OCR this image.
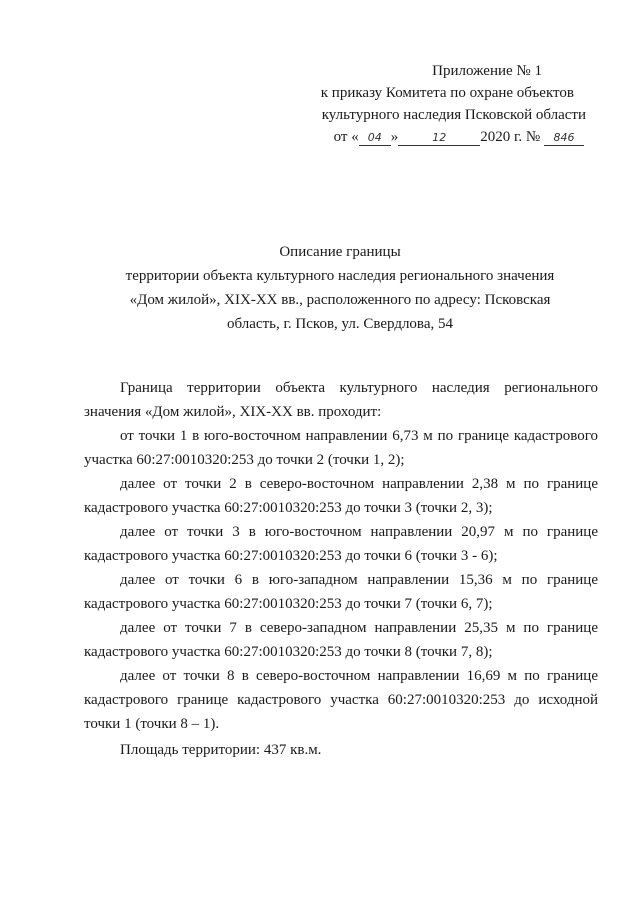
Приложение № 1
к приказу Комитета по охране объектов
культурного наследия Псковской области
от « 04 »	12 2020 г. № 846
Описание границы
территории объекта культурного наследия регионального значения
«Дом жилой», XIX-XX вв., расположенного по адресу: Псковская
область, г. Псков, ул. Свердлова, 54

Граница территории объекта культурного наследия регионального значения «Дом жилой», XIX-XX вв. проходит:

от точки 1 в юго-восточном направлении 6,73 м по границе кадастрового участка 60:27:0010320:253 до точки 2 (точки 1, 2);

далее от точки 2 в северо-восточном направлении 2,38 м по границе кадастрового участка 60:27:0010320:253 до точки 3 (точки 2, 3);

далее от точки 3 в юго-восточном направлении 20,97 м по границе кадастрового участка 60:27:0010320:253 до точки 6 (точки 3 - 6);

далее от точки 6 в юго-западном направлении 15,36 м по границе кадастрового участка 60:27:0010320:253 до точки 7 (точки 6, 7);

далее от точки 7 в северо-западном направлении 25,35 м по границе кадастрового участка 60:27:0010320:253 до точки 8 (точки 7, 8);

далее от точки 8 в северо-восточном направлении 16,69 м по границе кадастрового границе кадастрового участка 60:27:0010320:253 до исходной точки 1 (точки 8 – 1).

Площадь территории: 437 кв.м.
